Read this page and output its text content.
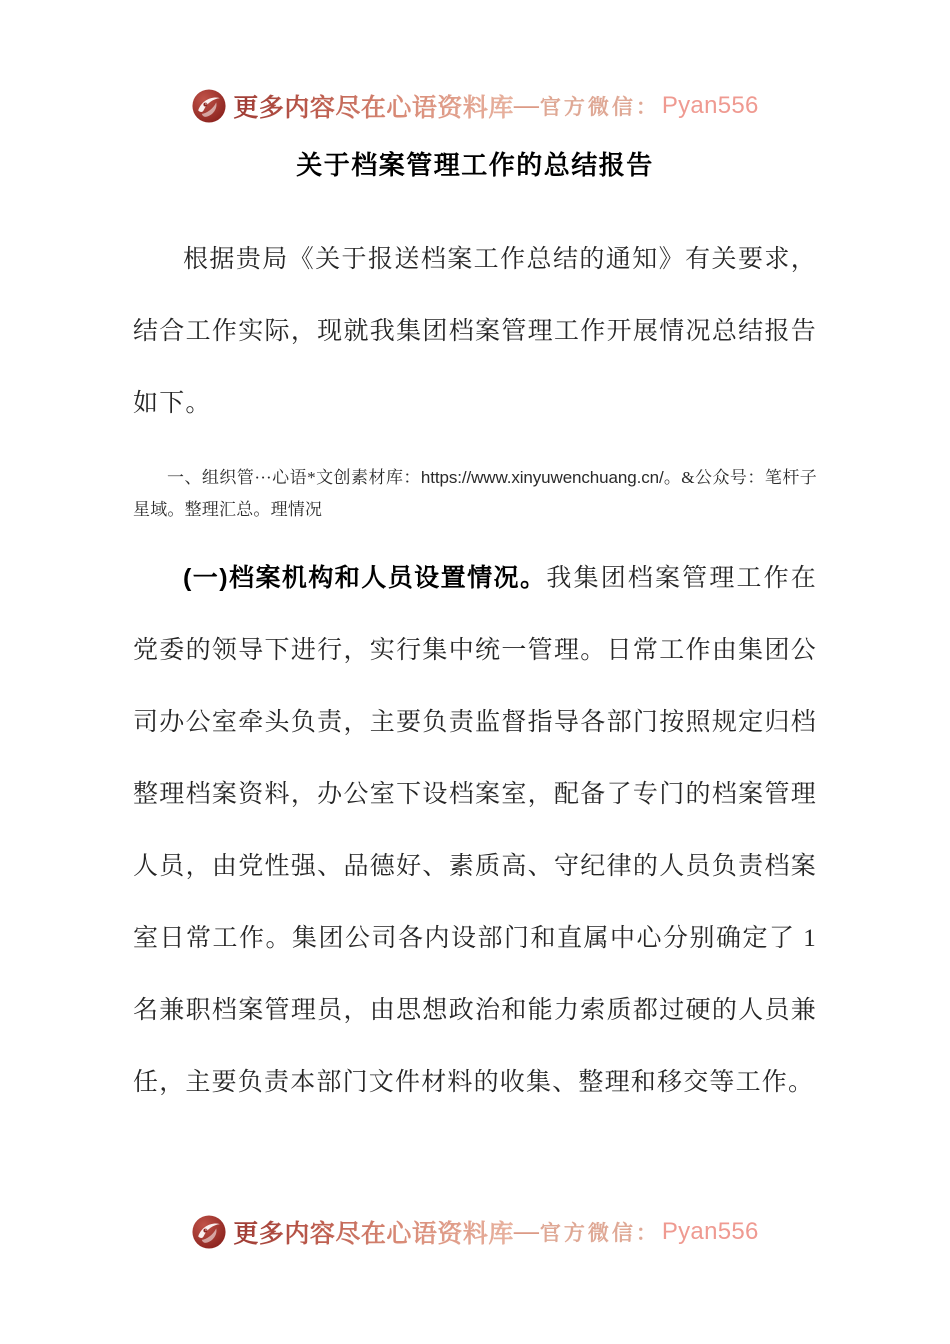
更多内容尽在心语资料库 — 官方微信： Pyan556
关于档案管理工作的总结报告

根据贵局《关于报送档案工作总结的通知》有关要求，结合工作实际，现就我集团档案管理工作开展情况总结报告如下。

一、组织管···心语*文创素材库：https://www.xinyuwenchuang.cn/。&公众号：笔杆子星域。整理汇总。理情况

(一)档案机构和人员设置情况。我集团档案管理工作在党委的领导下进行，实行集中统一管理。日常工作由集团公司办公室牵头负责，主要负责监督指导各部门按照规定归档整理档案资料，办公室下设档案室，配备了专门的档案管理人员，由党性强、品德好、素质高、守纪律的人员负责档案室日常工作。集团公司各内设部门和直属中心分别确定了 1 名兼职档案管理员，由思想政治和能力索质都过硬的人员兼任，主要负责本部门文件材料的收集、整理和移交等工作。

更多内容尽在心语资料库 — 官方微信： Pyan556
